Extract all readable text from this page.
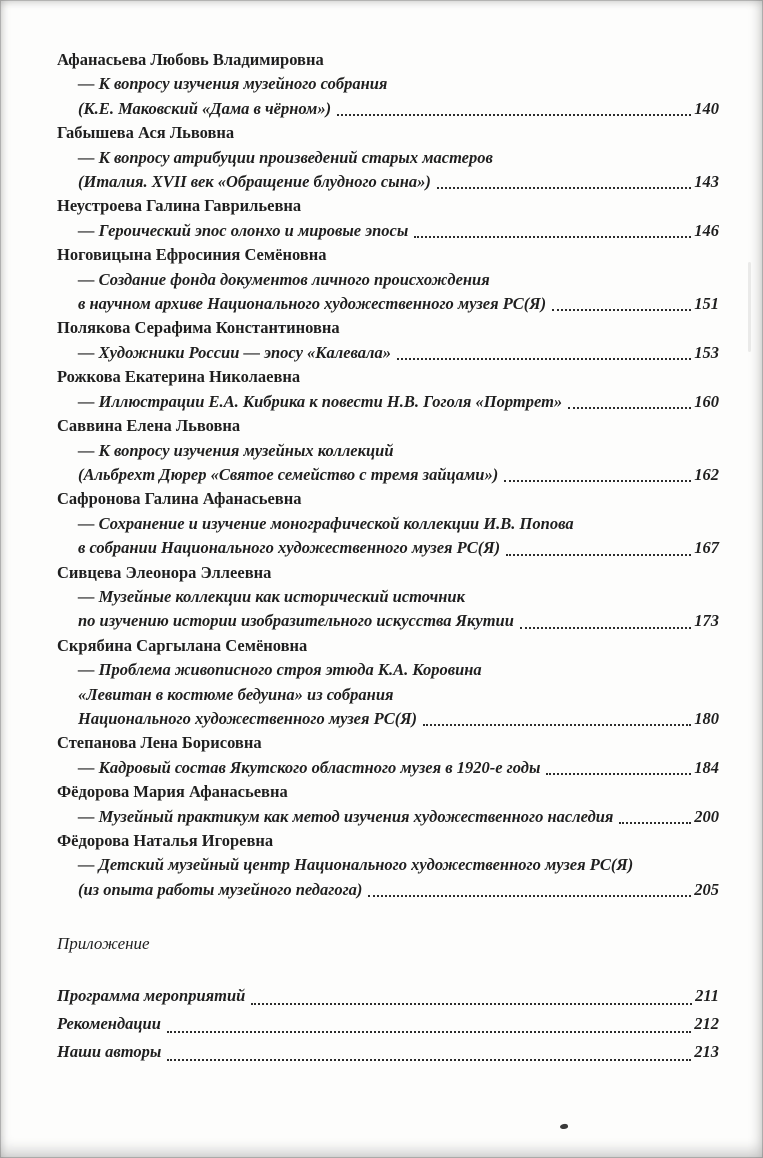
Афанасьева Любовь Владимировна
— К вопросу изучения музейного собрания
(К.Е. Маковский «Дама в чёрном»)	140
Габышева Ася Львовна
— К вопросу атрибуции произведений старых мастеров
(Италия. XVII век «Обращение блудного сына»)	143
Неустроева Галина Гаврильевна
— Героический эпос олонхо и мировые эпосы	146
Ноговицына Ефросиния Семёновна
— Создание фонда документов личного происхождения
в научном архиве Национального художественного музея РС(Я)	151
Полякова Серафима Константиновна
— Художники России — эпосу «Калевала»	153
Рожкова Екатерина Николаевна
— Иллюстрации Е.А. Кибрика к повести Н.В. Гоголя «Портрет»	160
Саввина Елена Львовна
— К вопросу изучения музейных коллекций
(Альбрехт Дюрер «Святое семейство с тремя зайцами»)	162
Сафронова Галина Афанасьевна
— Сохранение и изучение монографической коллекции И.В. Попова
в собрании Национального художественного музея РС(Я)	167
Сивцева Элеонора Эллеевна
— Музейные коллекции как исторический источник
по изучению истории изобразительного искусства Якутии	173
Скрябина Саргылана Семёновна
— Проблема живописного строя этюда К.А. Коровина
«Левитан в костюме бедуина» из собрания
Национального художественного музея РС(Я)	180
Степанова Лена Борисовна
— Кадровый состав Якутского областного музея в 1920-е годы	184
Фёдорова Мария Афанасьевна
— Музейный практикум как метод изучения художественного наследия	200
Фёдорова Наталья Игоревна
— Детский музейный центр Национального художественного музея РС(Я)
(из опыта работы музейного педагога)	205
Приложение
Программа мероприятий	211
Рекомендации	212
Наши авторы	213
